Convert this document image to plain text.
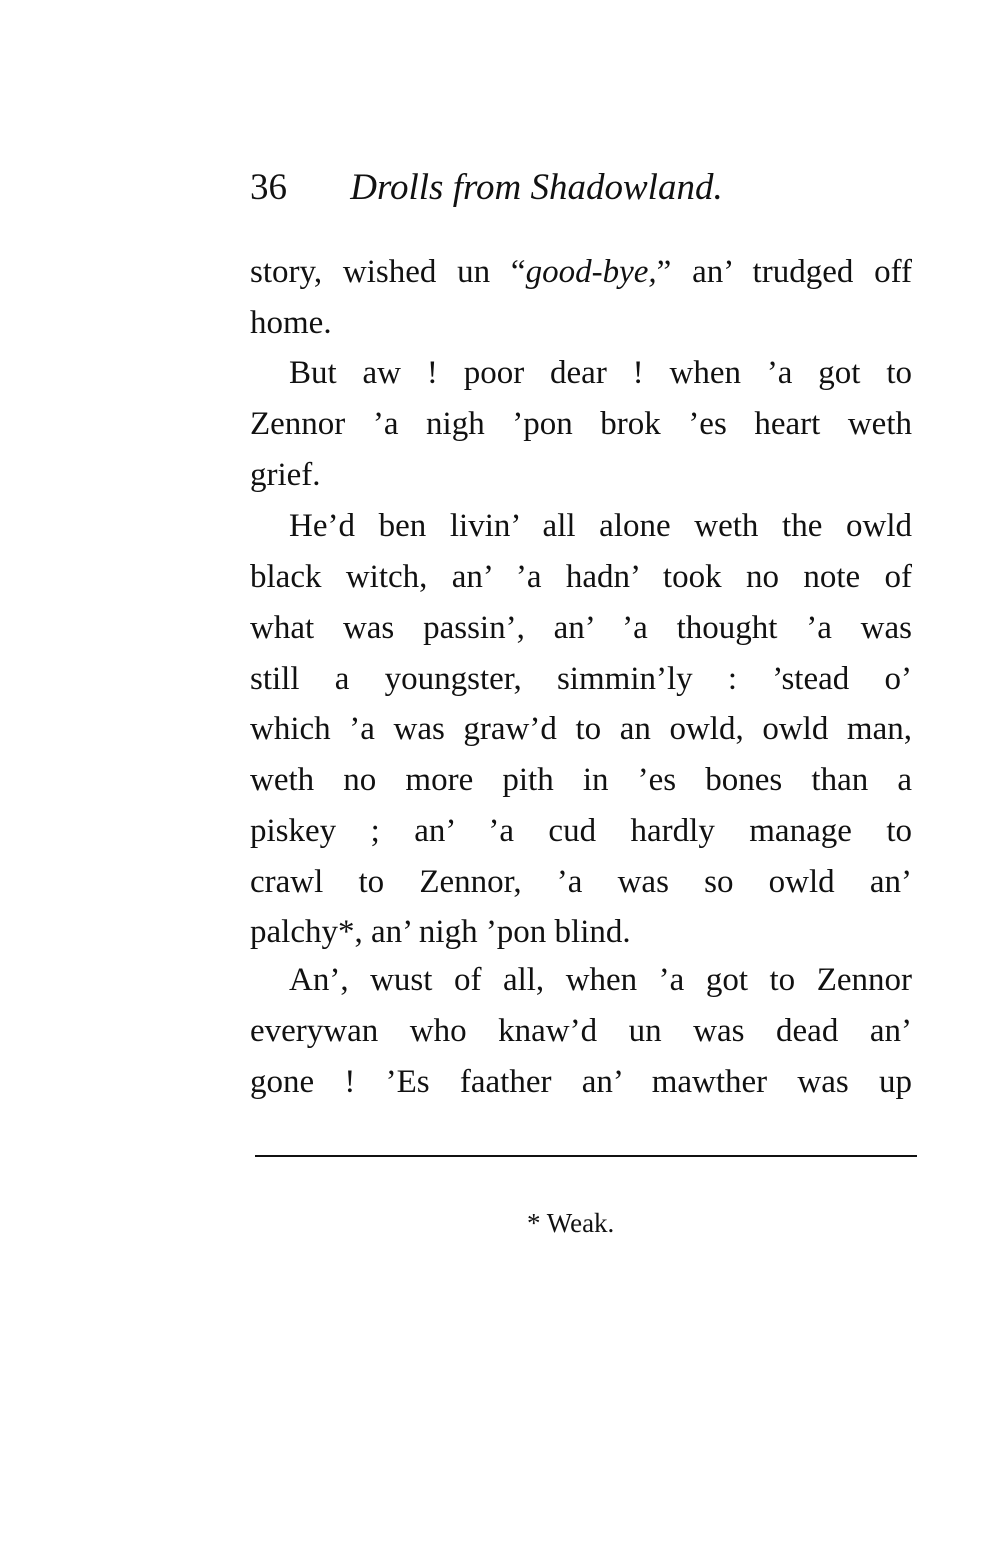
36 Drolls from Shadowland.
story, wished un “good-bye,” an’ trudged off
home.
But aw ! poor dear ! when ’a got to
Zennor ’a nigh ’pon brok ’es heart weth
grief.
He’d ben livin’ all alone weth the owld
black witch, an’ ’a hadn’ took no note of
what was passin’, an’ ’a thought ’a was
still a youngster, simmin’ly : ’stead o’
which ’a was graw’d to an owld, owld man,
weth no more pith in ’es bones than a
piskey ; an’ ’a cud hardly manage to
crawl to Zennor, ’a was so owld an’
palchy*, an’ nigh ’pon blind.
An’, wust of all, when ’a got to Zennor
everywan who knaw’d un was dead an’
gone ! ’Es faather an’ mawther was up
* Weak.
